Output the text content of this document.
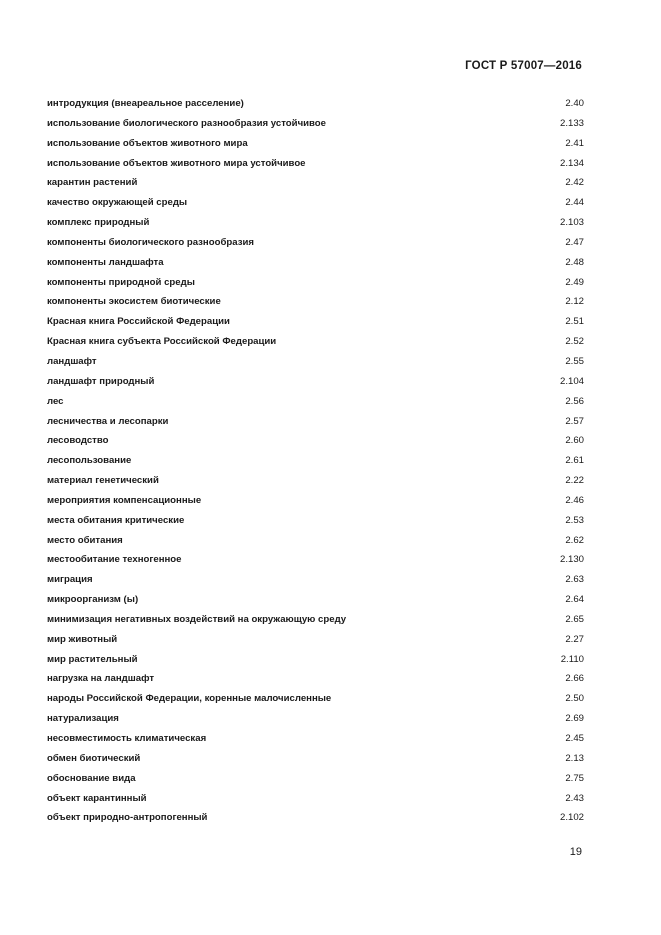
ГОСТ Р 57007—2016
интродукция (внеареальное расселение)	2.40
использование биологического разнообразия устойчивое	2.133
использование объектов животного мира	2.41
использование объектов животного мира устойчивое	2.134
карантин растений	2.42
качество окружающей среды	2.44
комплекс природный	2.103
компоненты биологического разнообразия	2.47
компоненты ландшафта	2.48
компоненты природной среды	2.49
компоненты экосистем биотические	2.12
Красная книга Российской Федерации	2.51
Красная книга субъекта Российской Федерации	2.52
ландшафт	2.55
ландшафт природный	2.104
лес	2.56
лесничества и лесопарки	2.57
лесоводство	2.60
лесопользование	2.61
материал генетический	2.22
мероприятия компенсационные	2.46
места обитания критические	2.53
место обитания	2.62
местообитание техногенное	2.130
миграция	2.63
микроорганизм (ы)	2.64
минимизация негативных воздействий на окружающую среду	2.65
мир животный	2.27
мир растительный	2.110
нагрузка на ландшафт	2.66
народы Российской Федерации, коренные малочисленные	2.50
натурализация	2.69
несовместимость климатическая	2.45
обмен биотический	2.13
обоснование вида	2.75
объект карантинный	2.43
объект природно-антропогенный	2.102
19
